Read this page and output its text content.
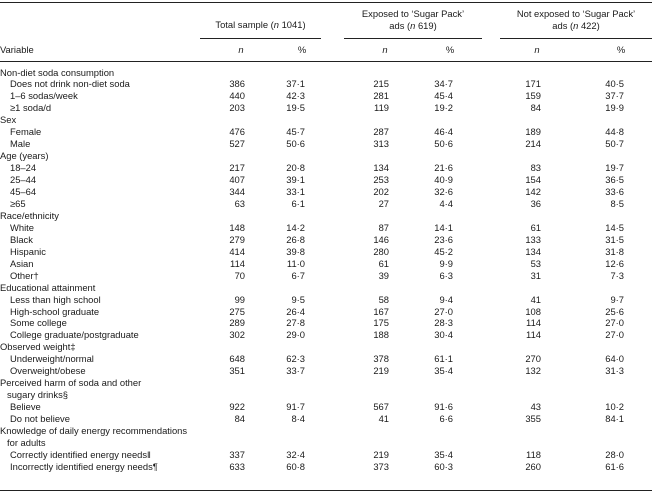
Total sample (n 1041)
Exposed to ‘Sugar Pack’
ads (n 619)
Not exposed to ‘Sugar Pack’
ads (n 422)
Variable	n	%	n	%	n	%
Non-diet soda consumption
Does not drink non-diet soda	386	37·1	215	34·7	171	40·5
1–6 sodas/week	440	42·3	281	45·4	159	37·7
≥1 soda/d	203	19·5	119	19·2	84	19·9
Sex
Female	476	45·7	287	46·4	189	44·8
Male	527	50·6	313	50·6	214	50·7
Age (years)
18–24	217	20·8	134	21·6	83	19·7
25–44	407	39·1	253	40·9	154	36·5
45–64	344	33·1	202	32·6	142	33·6
≥65	63	6·1	27	4·4	36	8·5
Race/ethnicity
White	148	14·2	87	14·1	61	14·5
Black	279	26·8	146	23·6	133	31·5
Hispanic	414	39·8	280	45·2	134	31·8
Asian	114	11·0	61	9·9	53	12·6
Other†	70	6·7	39	6·3	31	7·3
Educational attainment
Less than high school	99	9·5	58	9·4	41	9·7
High-school graduate	275	26·4	167	27·0	108	25·6
Some college	289	27·8	175	28·3	114	27·0
College graduate/postgraduate	302	29·0	188	30·4	114	27·0
Observed weight‡
Underweight/normal	648	62·3	378	61·1	270	64·0
Overweight/obese	351	33·7	219	35·4	132	31·3
Perceived harm of soda and other
sugary drinks§
Believe	922	91·7	567	91·6	43	10·2
Do not believe	84	8·4	41	6·6	355	84·1
Knowledge of daily energy recommendations
for adults
Correctly identified energy needs‖	337	32·4	219	35·4	118	28·0
Incorrectly identified energy needs¶	633	60·8	373	60·3	260	61·6
